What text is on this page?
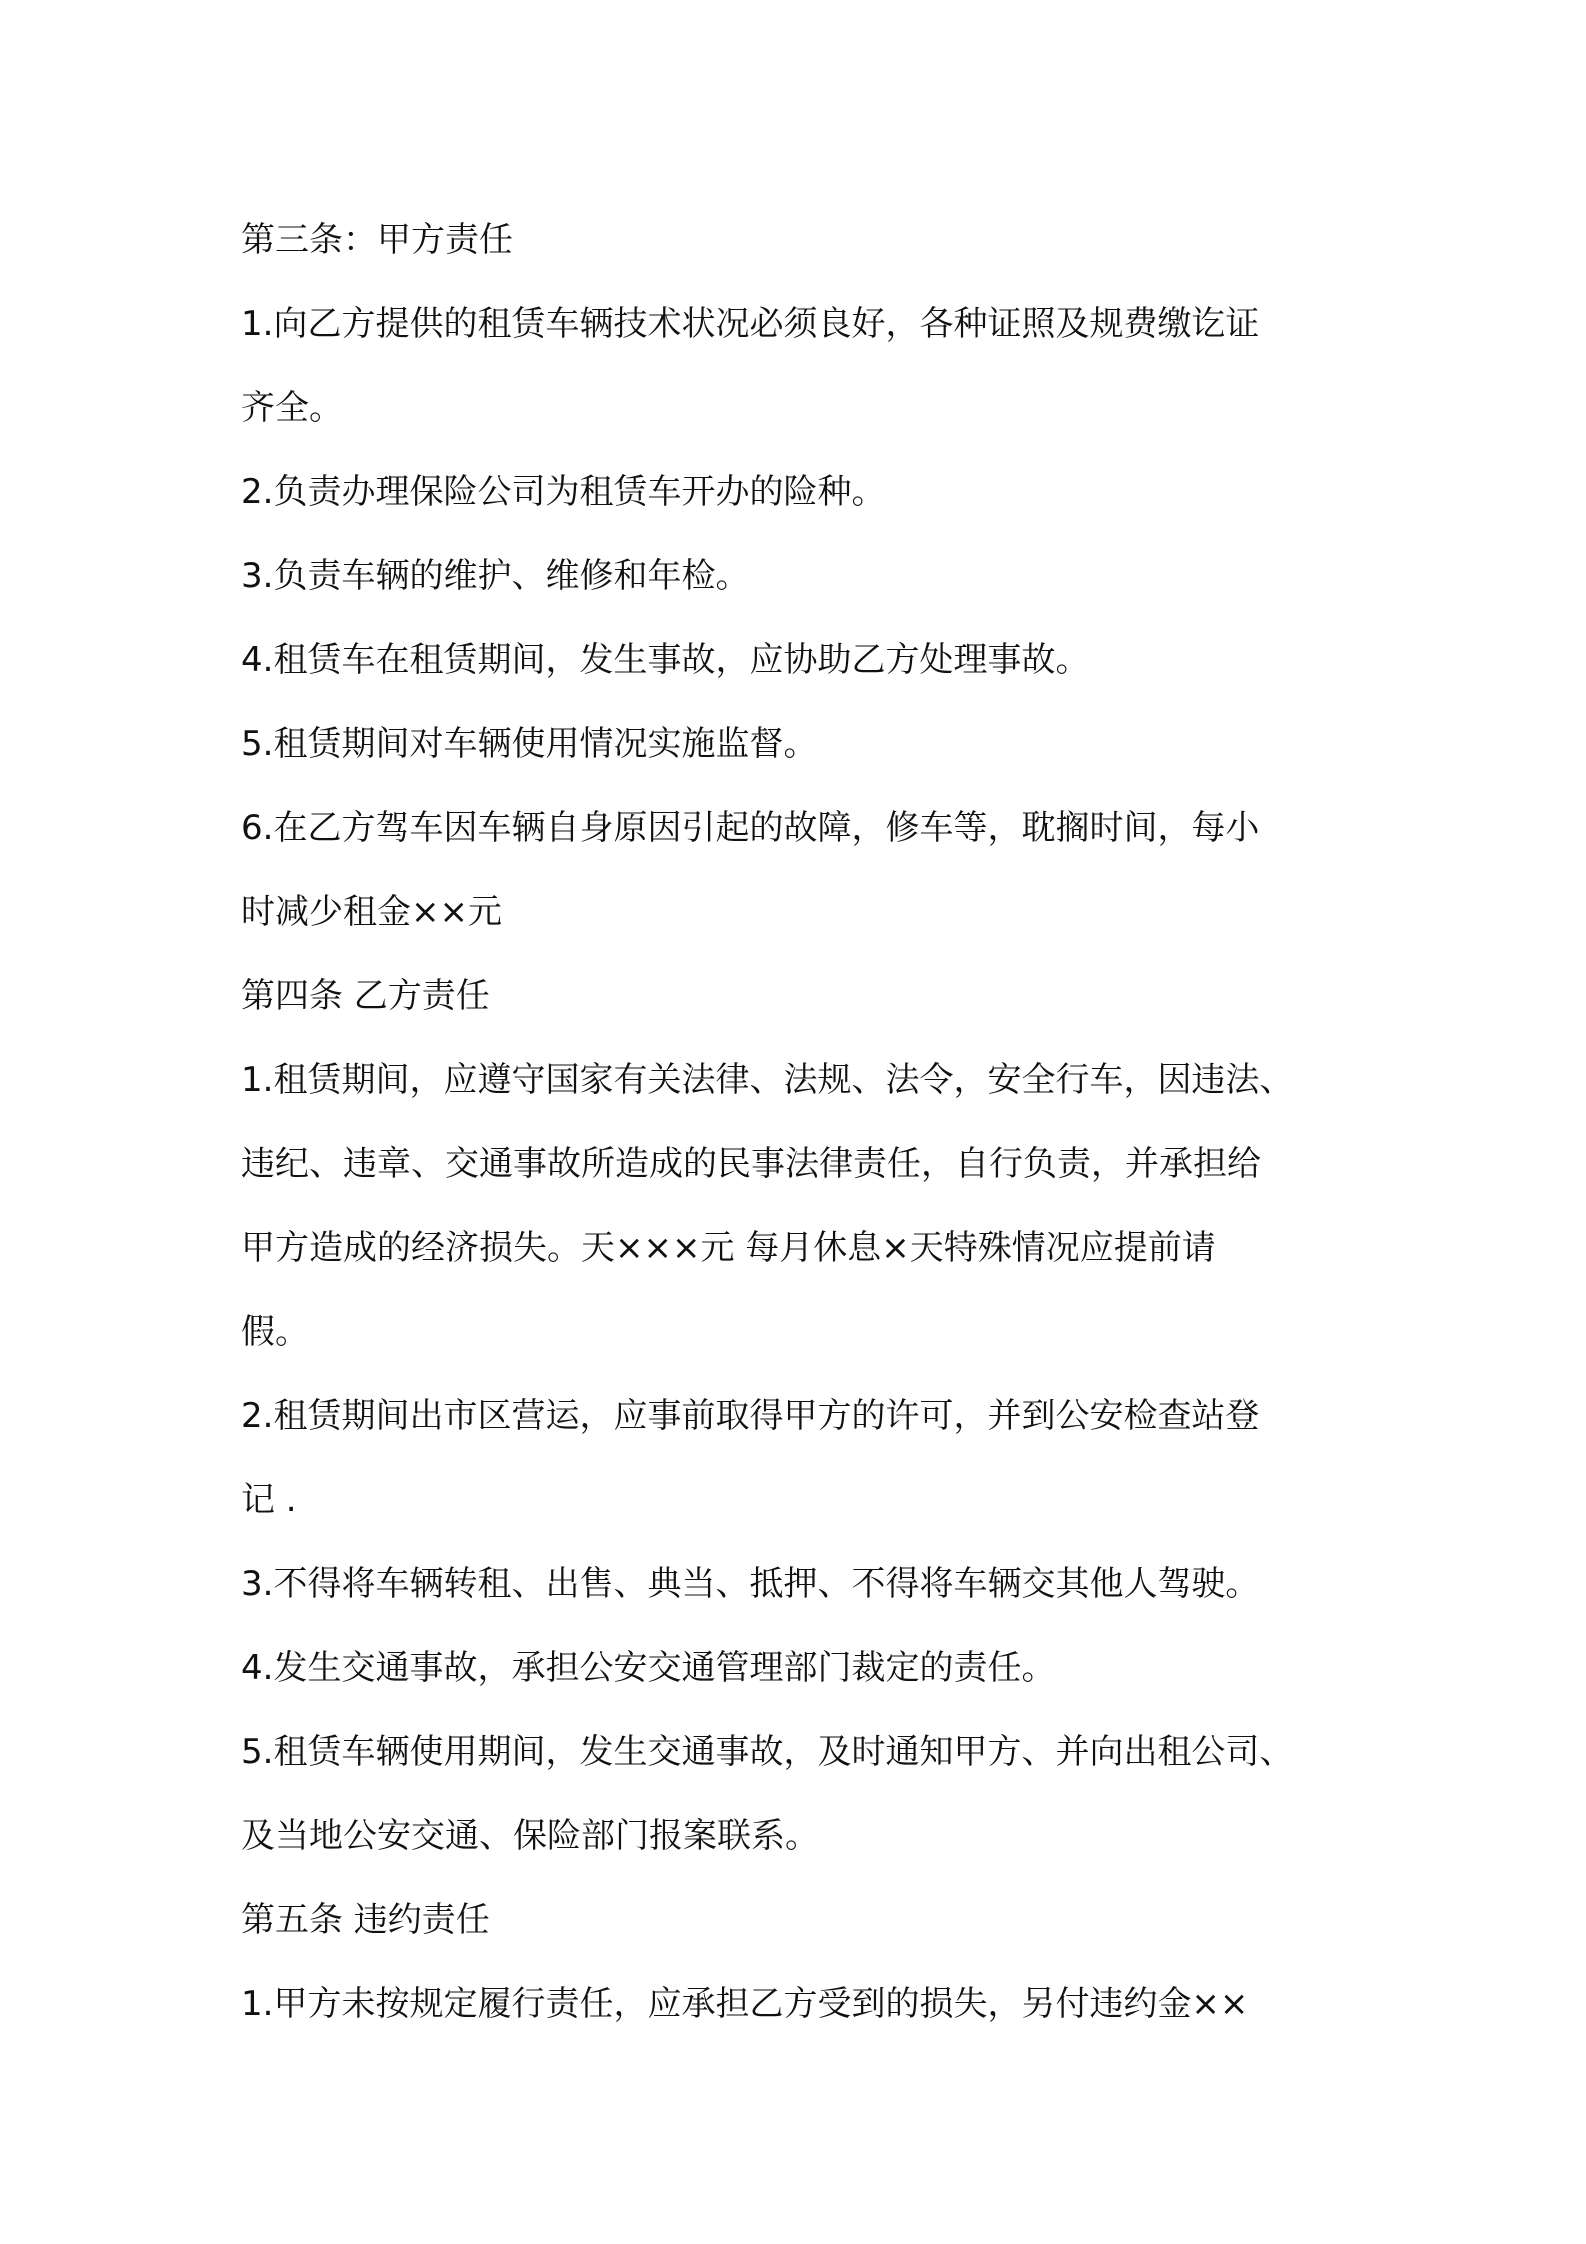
第三条：甲方责任
1.向乙方提供的租赁车辆技术状况必须良好，各种证照及规费缴讫证
齐全。
2.负责办理保险公司为租赁车开办的险种。
3.负责车辆的维护、维修和年检。
4.租赁车在租赁期间，发生事故，应协助乙方处理事故。
5.租赁期间对车辆使用情况实施监督。
6.在乙方驾车因车辆自身原因引起的故障，修车等，耽搁时间，每小
时减少租金××元
第四条 乙方责任
1.租赁期间，应遵守国家有关法律、法规、法令，安全行车，因违法、
违纪、违章、交通事故所造成的民事法律责任，自行负责，并承担给
甲方造成的经济损失。天×××元 每月休息×天特殊情况应提前请
假。
2.租赁期间出市区营运，应事前取得甲方的许可，并到公安检查站登
记 .
3.不得将车辆转租、出售、典当、抵押、不得将车辆交其他人驾驶。
4.发生交通事故，承担公安交通管理部门裁定的责任。
5.租赁车辆使用期间，发生交通事故，及时通知甲方、并向出租公司、
及当地公安交通、保险部门报案联系。
第五条 违约责任
1.甲方未按规定履行责任，应承担乙方受到的损失，另付违约金××
